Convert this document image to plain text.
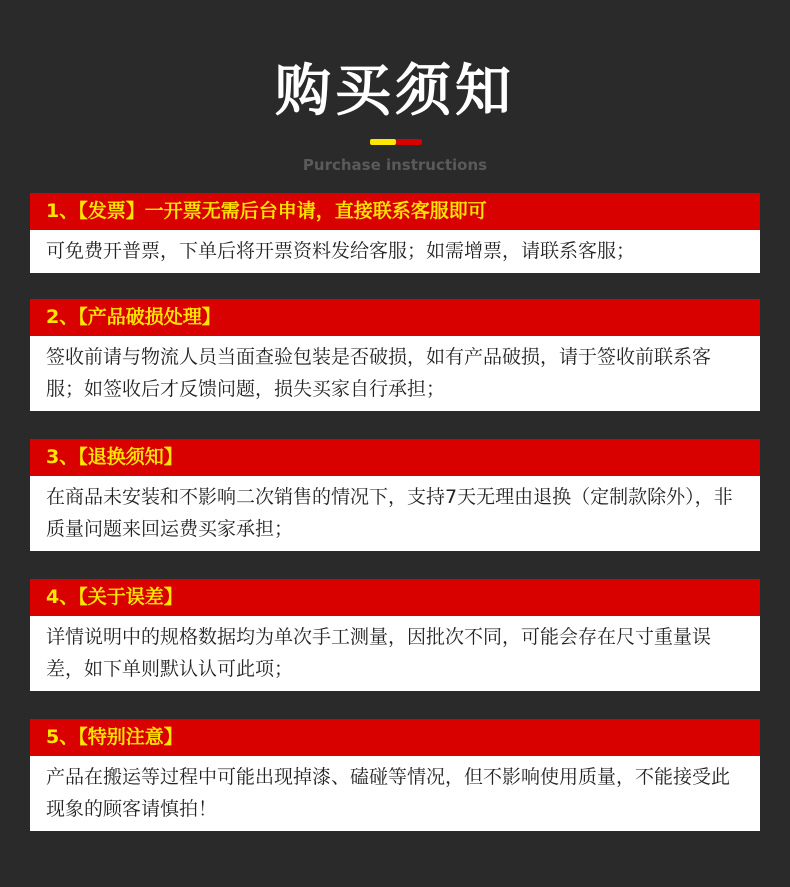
购买须知
Purchase instructions
1、【发票】一开票无需后台申请，直接联系客服即可
可免费开普票，下单后将开票资料发给客服；如需增票，请联系客服；
2、【产品破损处理】
签收前请与物流人员当面查验包装是否破损，如有产品破损，请于签收前联系客服；如签收后才反馈问题，损失买家自行承担；
3、【退换须知】
在商品未安装和不影响二次销售的情况下，支持7天无理由退换（定制款除外），非质量问题来回运费买家承担；
4、【关于误差】
详情说明中的规格数据均为单次手工测量，因批次不同，可能会存在尺寸重量误差，如下单则默认认可此项；
5、【特别注意】
产品在搬运等过程中可能出现掉漆、磕碰等情况，但不影响使用质量，不能接受此现象的顾客请慎拍！
